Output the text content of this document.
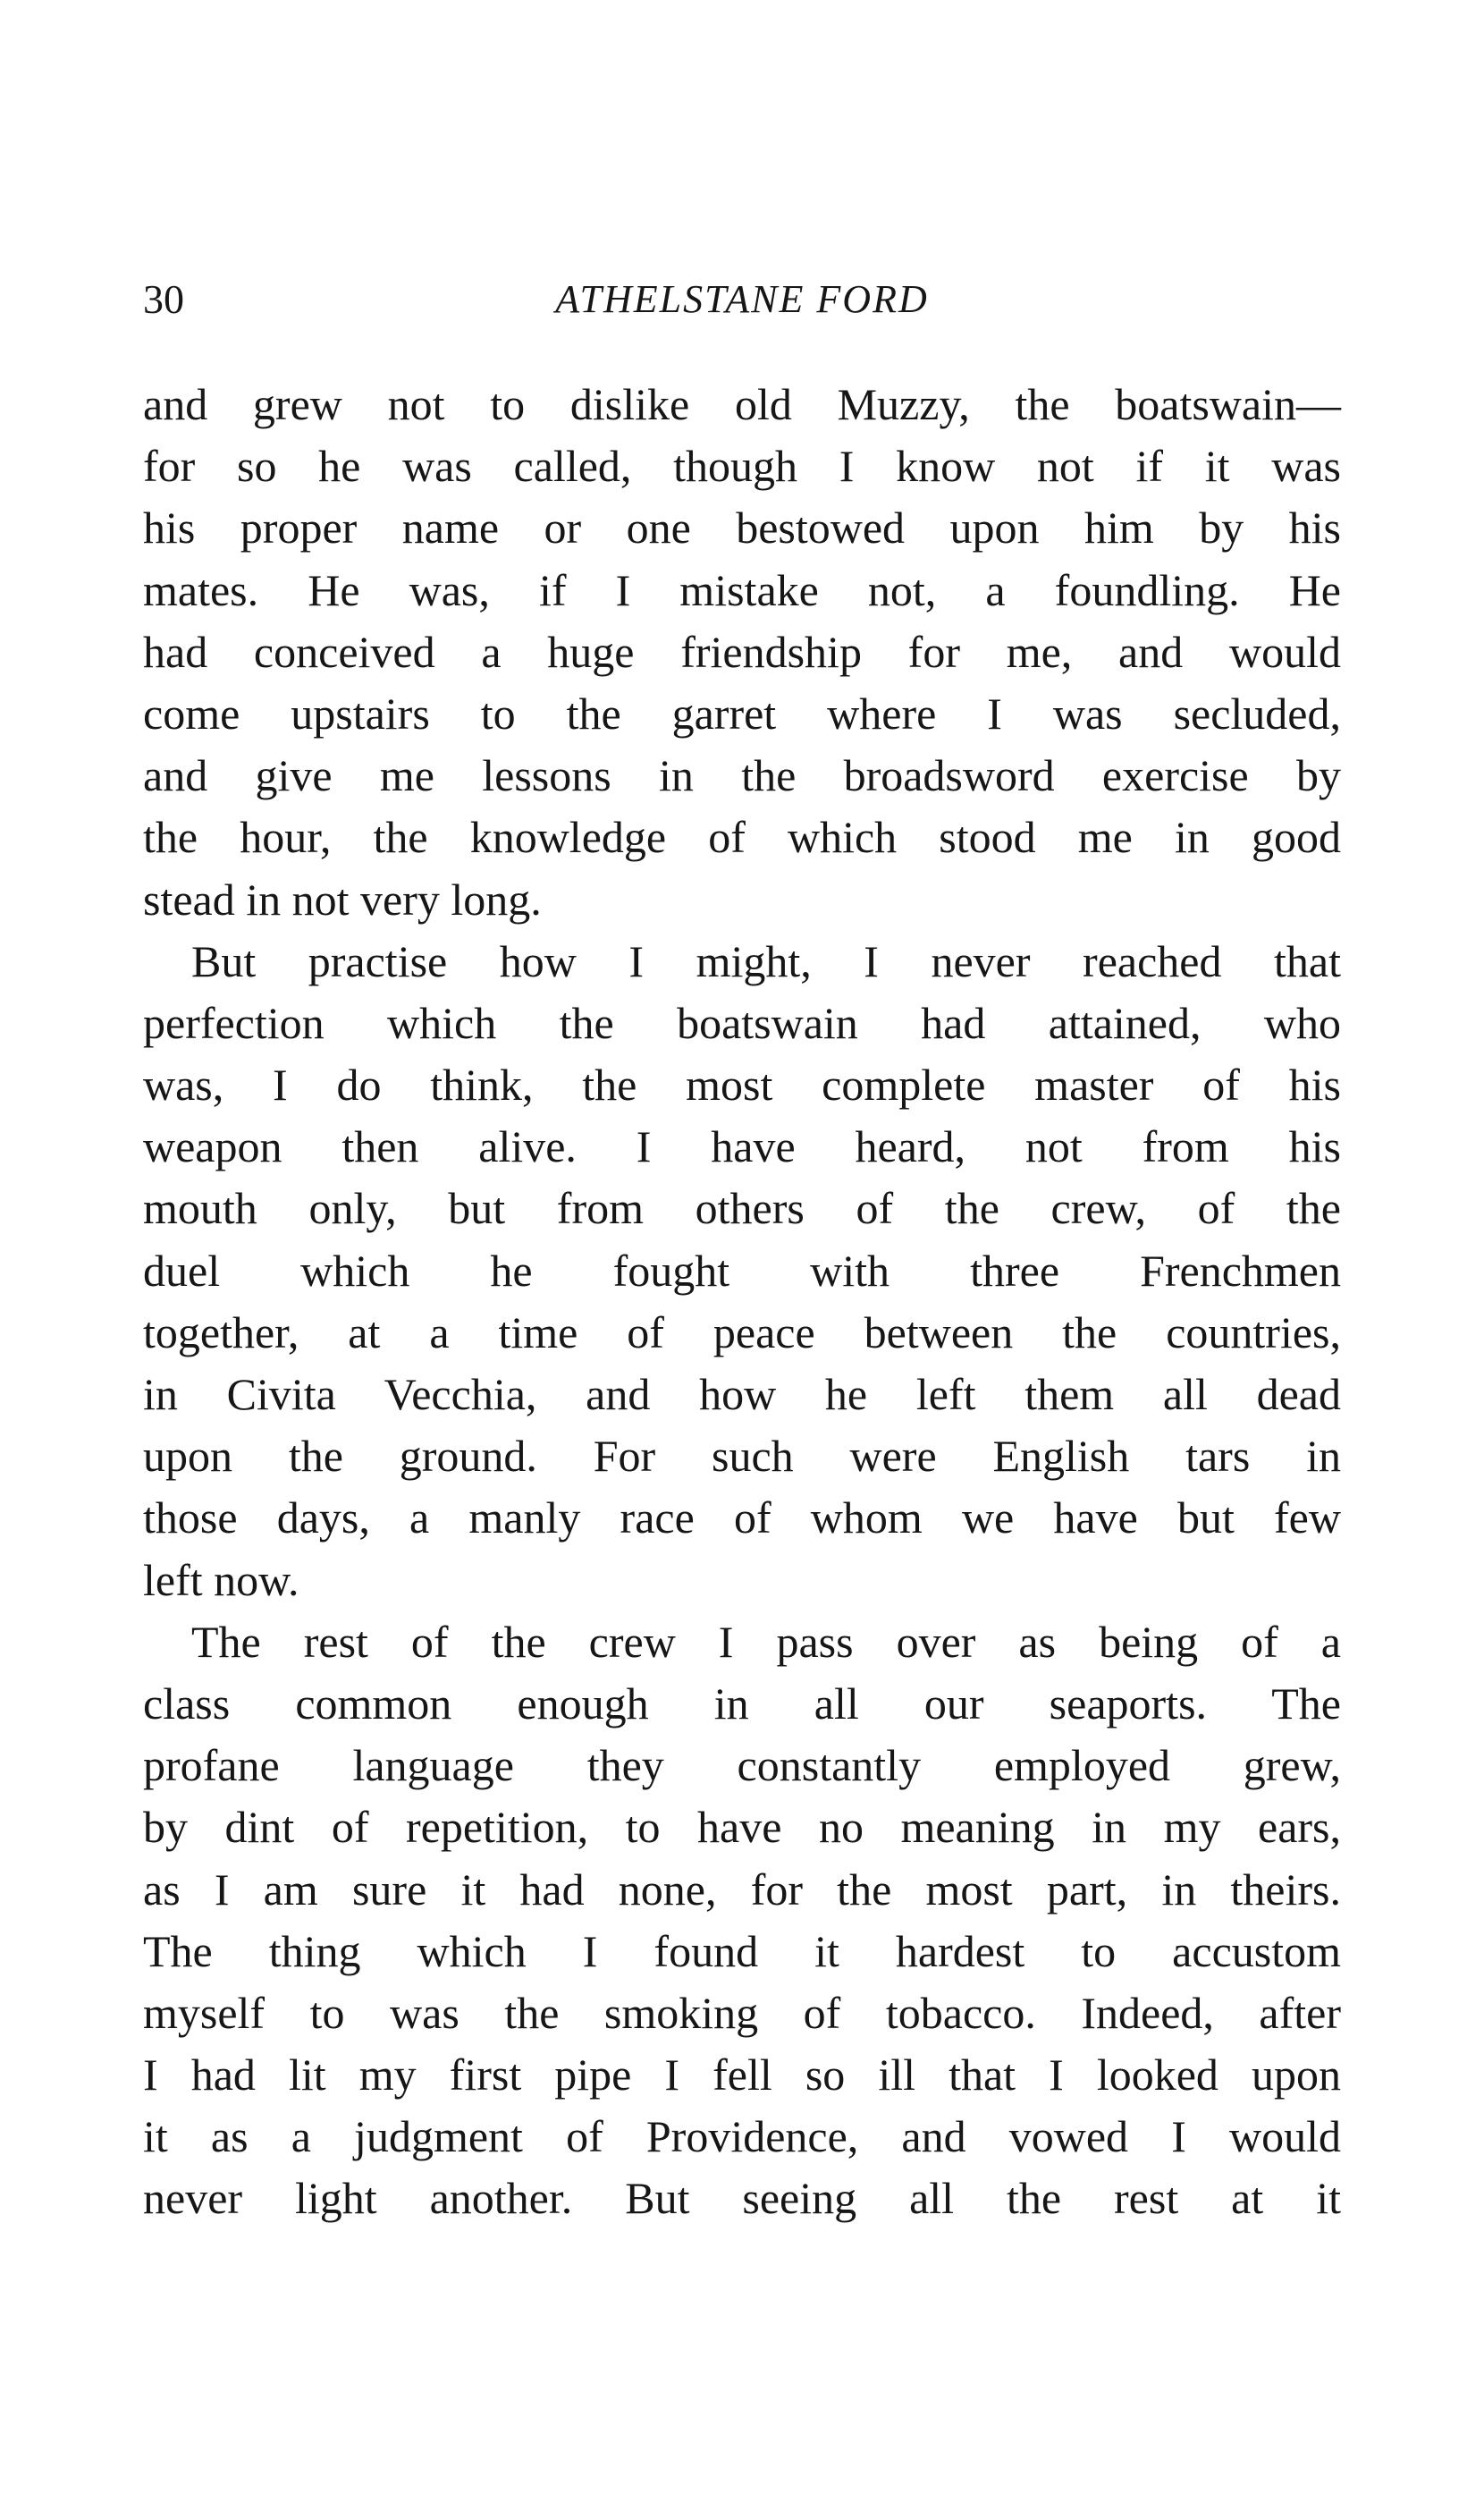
30	ATHELSTANE FORD
and grew not to dislike old Muzzy, the boatswain—
for so he was called, though I know not if it was
his proper name or one bestowed upon him by his
mates. He was, if I mistake not, a foundling. He
had conceived a huge friendship for me, and would
come upstairs to the garret where I was secluded,
and give me lessons in the broadsword exercise by
the hour, the knowledge of which stood me in good
stead in not very long.
But practise how I might, I never reached that
perfection which the boatswain had attained, who
was, I do think, the most complete master of his
weapon then alive. I have heard, not from his
mouth only, but from others of the crew, of the
duel which he fought with three Frenchmen
together, at a time of peace between the countries,
in Civita Vecchia, and how he left them all dead
upon the ground. For such were English tars in
those days, a manly race of whom we have but few
left now.
The rest of the crew I pass over as being of a
class common enough in all our seaports. The
profane language they constantly employed grew,
by dint of repetition, to have no meaning in my ears,
as I am sure it had none, for the most part, in theirs.
The thing which I found it hardest to accustom
myself to was the smoking of tobacco. Indeed, after
I had lit my first pipe I fell so ill that I looked upon
it as a judgment of Providence, and vowed I would
never light another. But seeing all the rest at it
